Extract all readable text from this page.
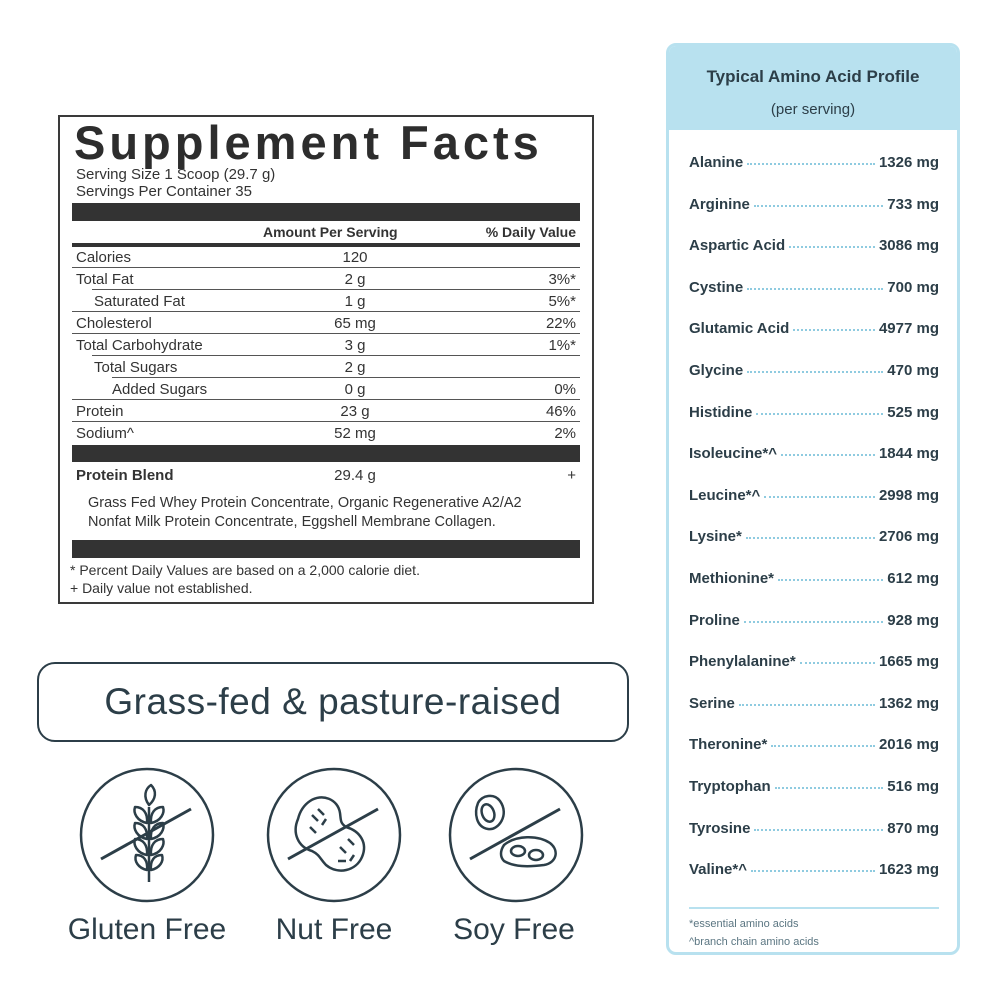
Supplement Facts
Serving Size 1 Scoop (29.7 g)
Servings Per Container 35
Amount Per Serving	% Daily Value
Calories	120
Total Fat	2 g	3%*
Saturated Fat	1 g	5%*
Cholesterol	65 mg	22%
Total Carbohydrate	3 g	1%*
Total Sugars	2 g
Added Sugars	0 g	0%
Protein	23 g	46%
Sodium^	52 mg	2%
Protein Blend	29.4 g	+
Grass Fed Whey Protein Concentrate, Organic Regenerative A2/A2
Nonfat Milk Protein Concentrate, Eggshell Membrane Collagen.
* Percent Daily Values are based on a 2,000 calorie diet.
+ Daily value not established.
Grass-fed & pasture-raised
Gluten Free	Nut Free	Soy Free
Typical Amino Acid Profile
(per serving)
Alanine	1326 mg
Arginine	733 mg
Aspartic Acid	3086 mg
Cystine	700 mg
Glutamic Acid	4977 mg
Glycine	470 mg
Histidine	525 mg
Isoleucine*^	1844 mg
Leucine*^	2998 mg
Lysine*	2706 mg
Methionine*	612 mg
Proline	928 mg
Phenylalanine*	1665 mg
Serine	1362 mg
Theronine*	2016 mg
Tryptophan	516 mg
Tyrosine	870 mg
Valine*^	1623 mg
*essential amino acids
^branch chain amino acids
